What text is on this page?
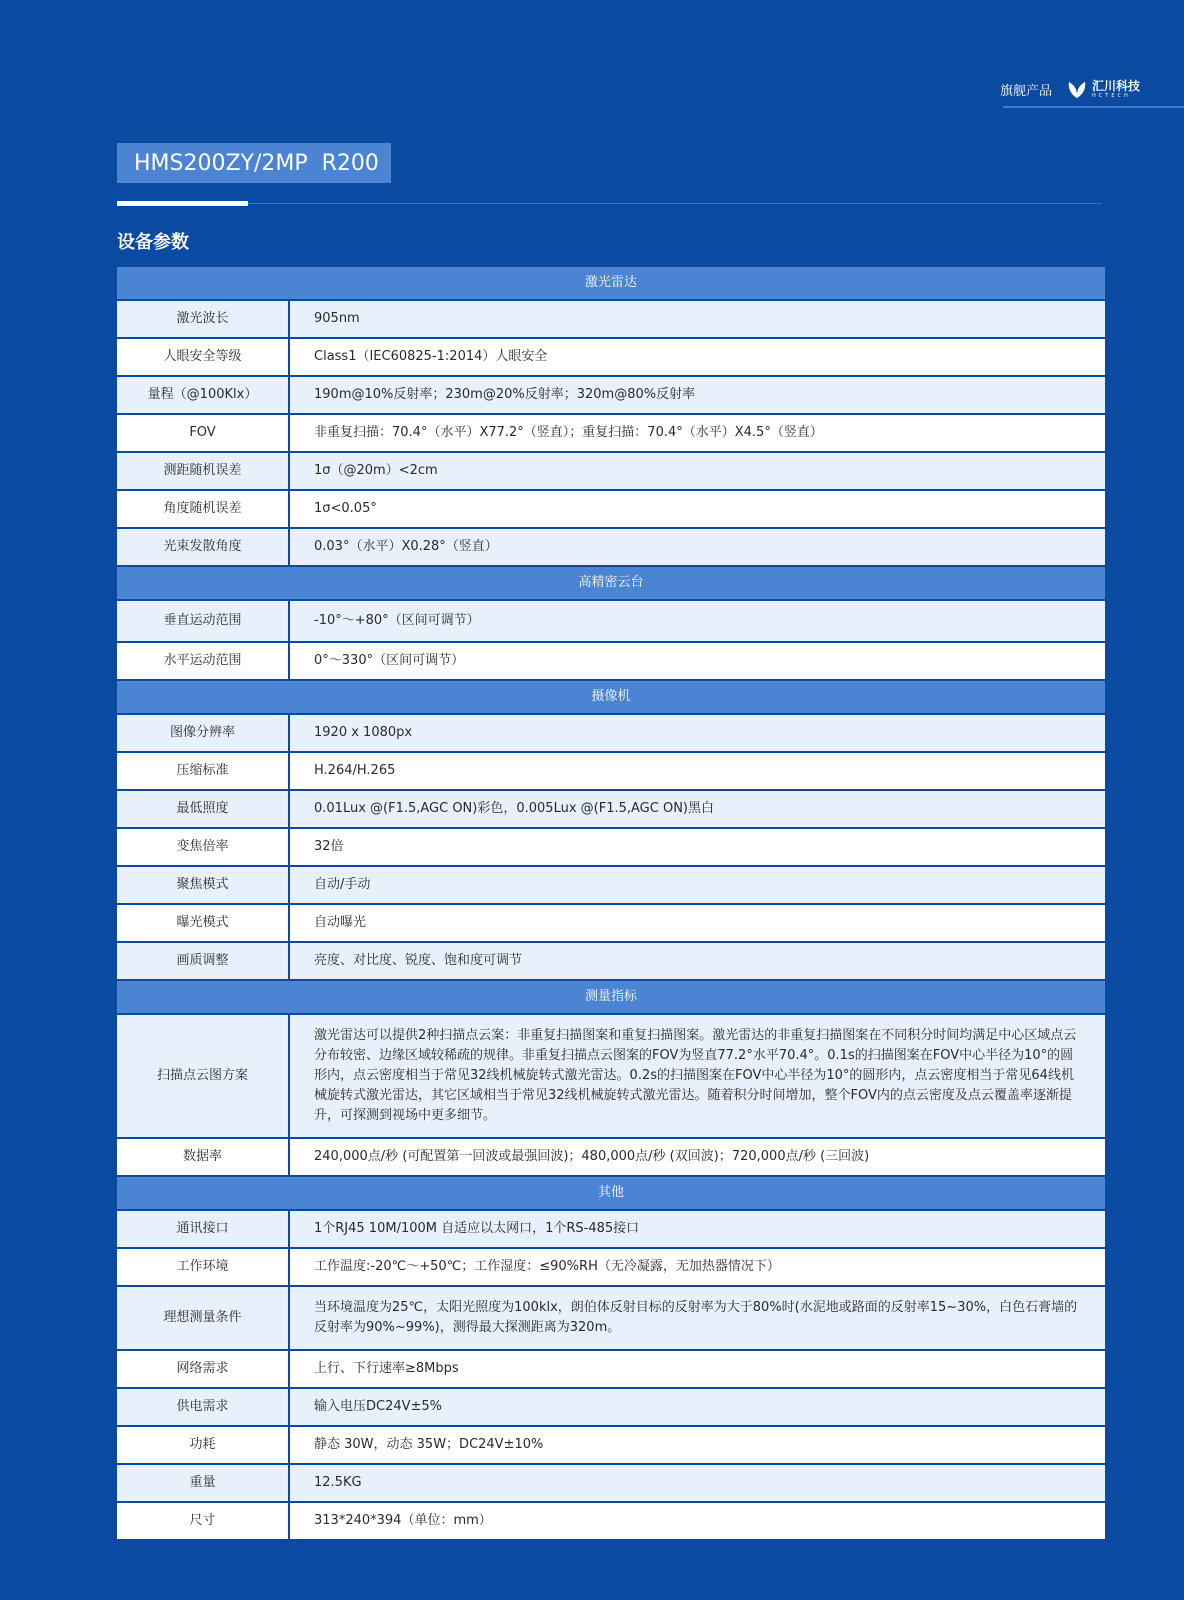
旗舰产品	汇川科技
HCTECH
HMS200ZY/2MP  R200
设备参数
激光雷达	
激光波长	905nm
人眼安全等级	Class1（IEC60825-1:2014）人眼安全
量程（@100Klx）	190m@10%反射率；230m@20%反射率；320m@80%反射率
FOV	非重复扫描：70.4°（水平）X77.2°（竖直）；重复扫描：70.4°（水平）X4.5°（竖直）
测距随机误差	1σ（@20m）<2cm
角度随机误差	1σ<0.05°
光束发散角度	0.03°（水平）X0.28°（竖直）
高精密云台	
垂直运动范围	-10°～+80°（区间可调节）
水平运动范围	0°～330°（区间可调节）
摄像机	
图像分辨率	1920 x 1080px
压缩标准	H.264/H.265
最低照度	0.01Lux @(F1.5,AGC ON)彩色，0.005Lux @(F1.5,AGC ON)黑白
变焦倍率	32倍
聚焦模式	自动/手动
曝光模式	自动曝光
画质调整	亮度、对比度、锐度、饱和度可调节
测量指标	
扫描点云图方案	激光雷达可以提供2种扫描点云案：非重复扫描图案和重复扫描图案。激光雷达的非重复扫描图案在不同积分时间均满足中心区域点云分布较密、边缘区域较稀疏的规律。非重复扫描点云图案的FOV为竖直77.2°水平70.4°。0.1s的扫描图案在FOV中心半径为10°的圆形内，点云密度相当于常见32线机械旋转式激光雷达。0.2s的扫描图案在FOV中心半径为10°的圆形内，点云密度相当于常见64线机械旋转式激光雷达，其它区域相当于常见32线机械旋转式激光雷达。随着积分时间增加，整个FOV内的点云密度及点云覆盖率逐渐提升，可探测到视场中更多细节。
数据率	240,000点/秒 (可配置第一回波或最强回波)；480,000点/秒 (双回波)；720,000点/秒 (三回波)
其他	
通讯接口	1个RJ45 10M/100M 自适应以太网口，1个RS-485接口
工作环境	工作温度:-20℃～+50℃；工作湿度：≤90%RH（无冷凝露，无加热器情况下）
理想测量条件	当环境温度为25℃，太阳光照度为100klx，朗伯体反射目标的反射率为大于80%时(水泥地或路面的反射率15~30%，白色石膏墙的反射率为90%~99%)，测得最大探测距离为320m。
网络需求	上行、下行速率≥8Mbps
供电需求	输入电压DC24V±5%
功耗	静态 30W，动态 35W；DC24V±10%
重量	12.5KG
尺寸	313*240*394（单位：mm）
